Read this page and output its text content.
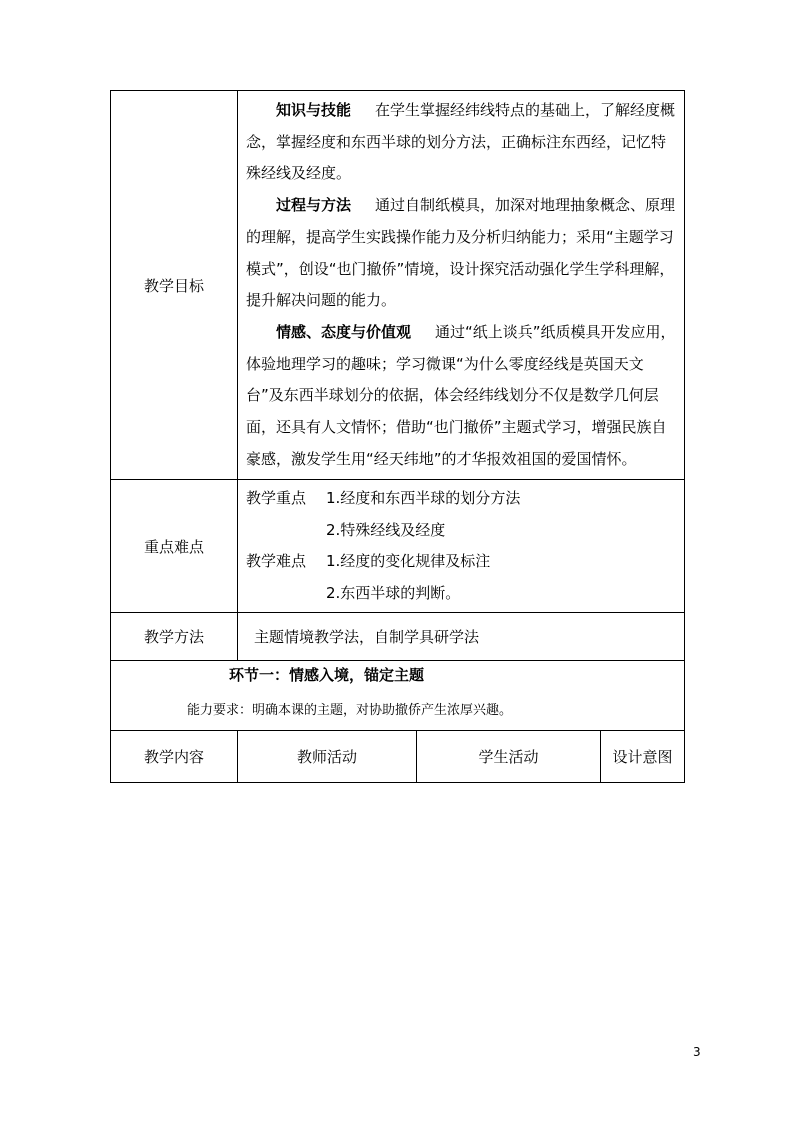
教学目标	知识与技能 在学生掌握经纬线特点的基础上，了解经度概念，掌握经度和东西半球的划分方法，正确标注东西经，记忆特殊经线及经度。

过程与方法 通过自制纸模具，加深对地理抽象概念、原理的理解，提高学生实践操作能力及分析归纳能力；采用“主题学习模式”，创设“也门撤侨”情境，设计探究活动强化学生学科理解，提升解决问题的能力。

情感、态度与价值观 通过“纸上谈兵”纸质模具开发应用，体验地理学习的趣味；学习微课“为什么零度经线是英国天文台”及东西半球划分的依据，体会经纬线划分不仅是数学几何层面，还具有人文情怀；借助“也门撤侨”主题式学习，增强民族自豪感，激发学生用“经天纬地”的才华报效祖国的爱国情怀。		

重点难点	教学重点 1.经度和东西半球的划分方法
2.特殊经线及经度
教学难点 1.经度的变化规律及标注
2.东西半球的判断。		

教学方法	主题情境教学法，自制学具研学法		

环节一：情感入境，锚定主题
能力要求：明确本课的主题，对协助撤侨产生浓厚兴趣。			

教学内容	教师活动	学生活动	设计意图
3
